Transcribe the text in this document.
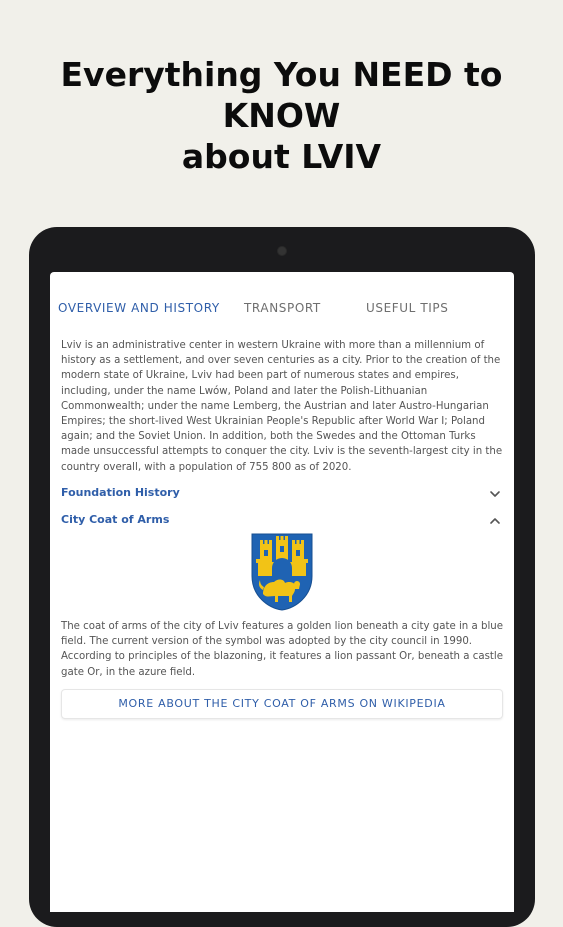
Everything You NEED to
KNOW
about LVIV
OVERVIEW AND HISTORY TRANSPORT	USEFUL TIPS
Lviv is an administrative center in western Ukraine with more than a millennium of history as a settlement, and over seven centuries as a city. Prior to the creation of the modern state of Ukraine, Lviv had been part of numerous states and empires, including, under the name Lwów, Poland and later the Polish-Lithuanian Commonwealth; under the name Lemberg, the Austrian and later Austro-Hungarian Empires; the short-lived West Ukrainian People's Republic after World War I; Poland again; and the Soviet Union. In addition, both the Swedes and the Ottoman Turks made unsuccessful attempts to conquer the city. Lviv is the seventh-largest city in the country overall, with a population of 755 800 as of 2020.
Foundation History
City Coat of Arms
The coat of arms of the city of Lviv features a golden lion beneath a city gate in a blue field. The current version of the symbol was adopted by the city council in 1990. According to principles of the blazoning, it features a lion passant Or, beneath a castle gate Or, in the azure field.
MORE ABOUT THE CITY COAT OF ARMS ON WIKIPEDIA
